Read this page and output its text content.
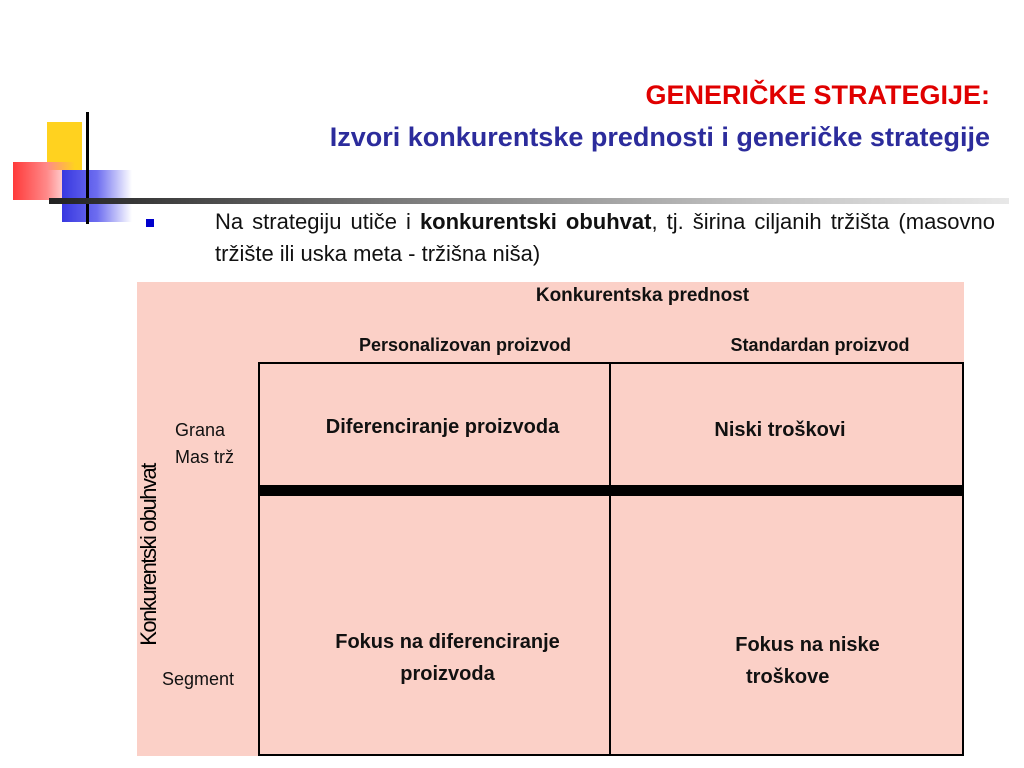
GENERIČKE STRATEGIJE:
Izvori konkurentske prednosti i generičke strategije
Na strategiju utiče i konkurentski obuhvat, tj. širina ciljanih tržišta (masovno tržište ili uska meta - tržišna niša)
Konkurentska prednost
Personalizovan proizvod	Standardan proizvod
Grana
Mas trž
Segment
Konkurentski obuhvat
Diferenciranje proizvoda	Niski troškovi
Fokus na diferenciranje
proizvoda
Fokus na niske
troškove
